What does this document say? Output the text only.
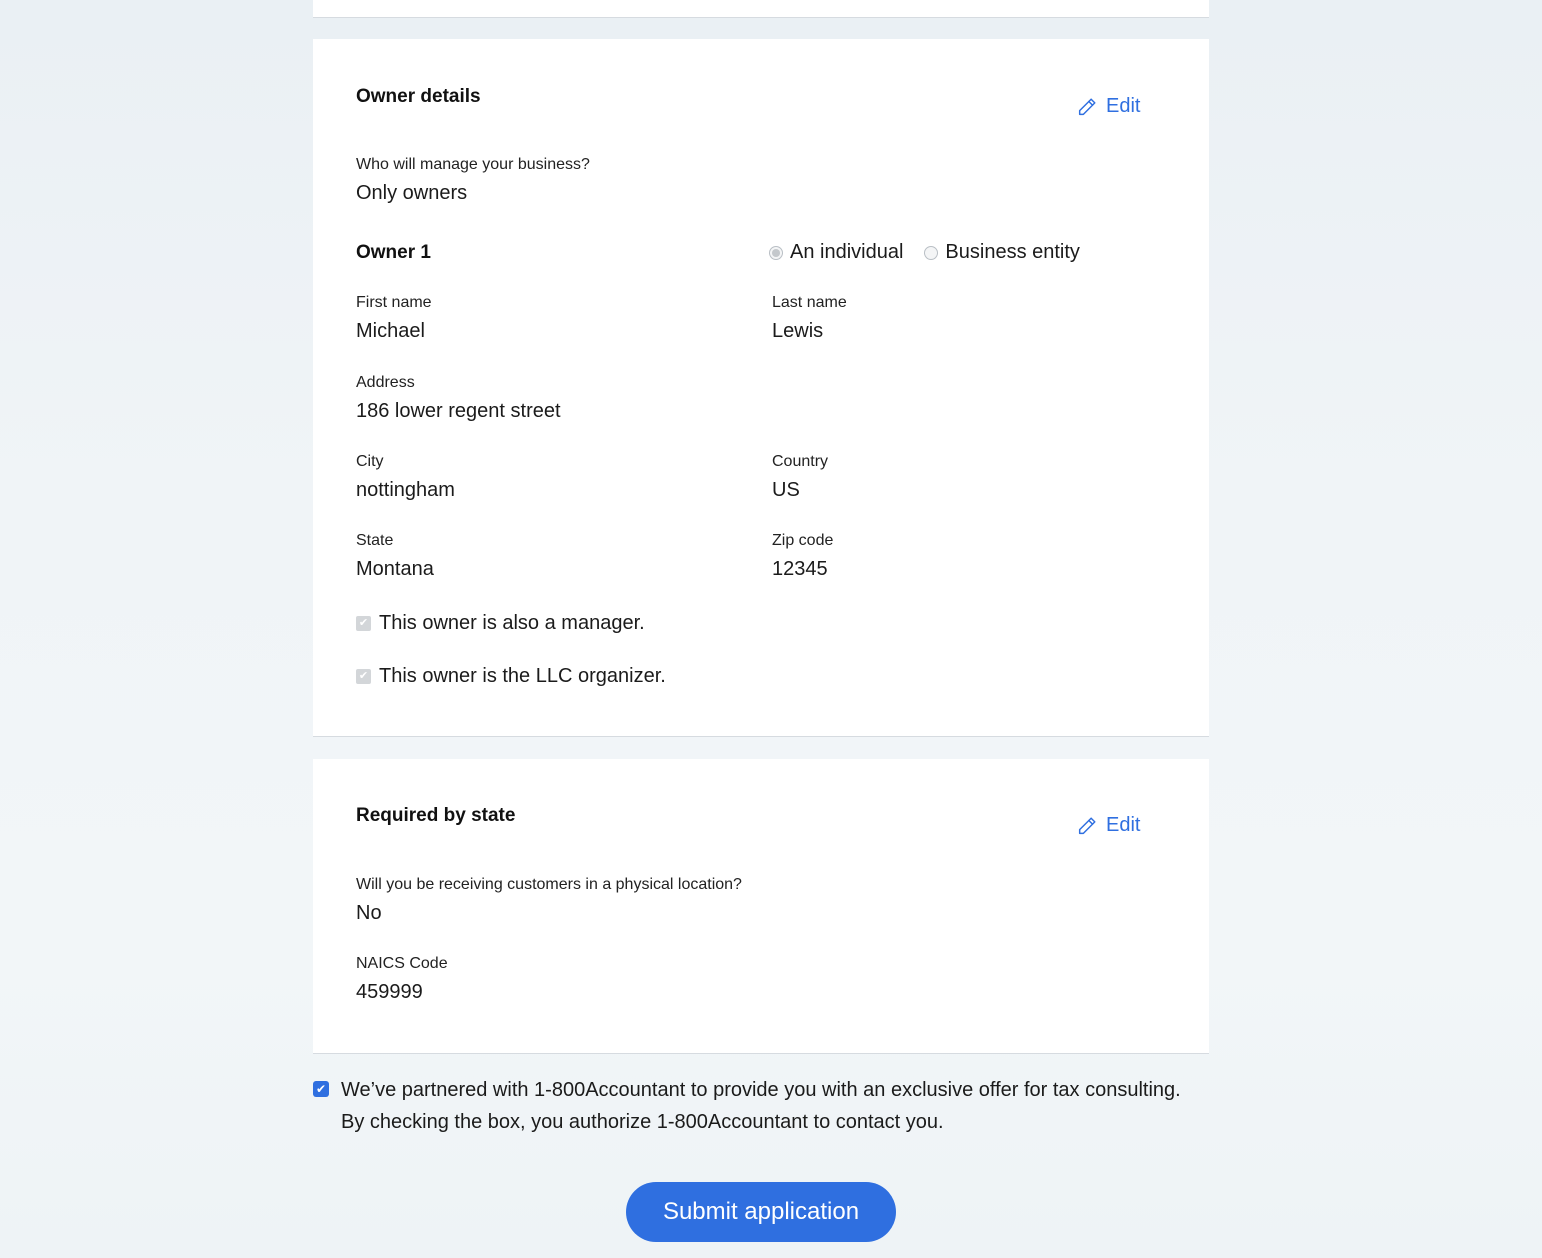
Owner details	Edit
Who will manage your business?
Only owners
Owner 1	An individual Business entity
First name
Michael
Last name
Lewis
Address
186 lower regent street
City
nottingham
Country
US
State
Montana
Zip code
12345
✔ This owner is also a manager.
✔ This owner is the LLC organizer.
Required by state	Edit
Will you be receiving customers in a physical location?
No
NAICS Code
459999
✔ We’ve partnered with 1-800Accountant to provide you with an exclusive offer for tax consulting. By checking the box, you authorize 1-800Accountant to contact you.
Submit application
